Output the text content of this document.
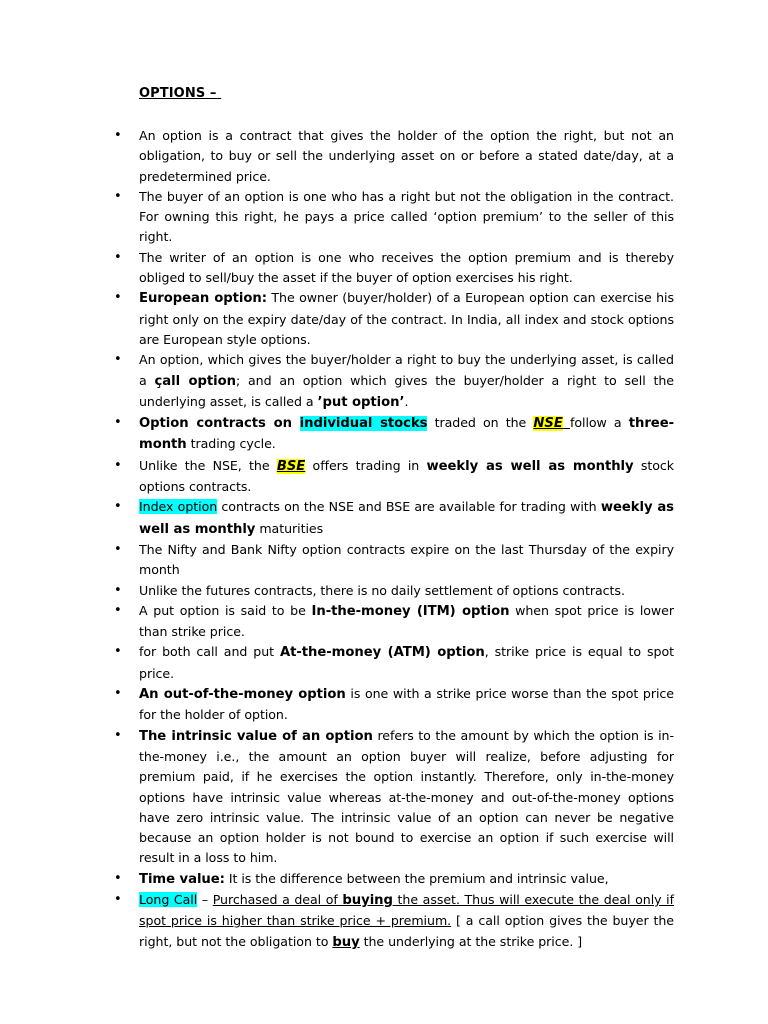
OPTIONS –
• An option is a contract that gives the holder of the option the right, but not an obligation, to buy or sell the underlying asset on or before a stated date/day, at a predetermined price.
• The buyer of an option is one who has a right but not the obligation in the contract. For owning this right, he pays a price called ‘option premium’ to the seller of this right.
• The writer of an option is one who receives the option premium and is thereby obliged to sell/buy the asset if the buyer of option exercises his right.
• European option: The owner (buyer/holder) of a European option can exercise his right only on the expiry date/day of the contract. In India, all index and stock options are European style options.
• An option, which gives the buyer/holder a right to buy the underlying asset, is called a çall option; and an option which gives the buyer/holder a right to sell the underlying asset, is called a ’put option’.
• Option contracts on individual stocks traded on the NSE follow a three-month trading cycle.
• Unlike the NSE, the BSE offers trading in weekly as well as monthly stock options contracts.
• Index option contracts on the NSE and BSE are available for trading with weekly as well as monthly maturities
• The Nifty and Bank Nifty option contracts expire on the last Thursday of the expiry month
• Unlike the futures contracts, there is no daily settlement of options contracts.
• A put option is said to be In-the-money (ITM) option when spot price is lower than strike price.
• for both call and put At-the-money (ATM) option, strike price is equal to spot price.
• An out-of-the-money option is one with a strike price worse than the spot price for the holder of option.
• The intrinsic value of an option refers to the amount by which the option is in-the-money i.e., the amount an option buyer will realize, before adjusting for premium paid, if he exercises the option instantly. Therefore, only in-the-money options have intrinsic value whereas at-the-money and out-of-the-money options have zero intrinsic value. The intrinsic value of an option can never be negative because an option holder is not bound to exercise an option if such exercise will result in a loss to him.
• Time value: It is the difference between the premium and intrinsic value,
• Long Call – Purchased a deal of buying the asset. Thus will execute the deal only if spot price is higher than strike price + premium. [ a call option gives the buyer the right, but not the obligation to buy the underlying at the strike price. ]
